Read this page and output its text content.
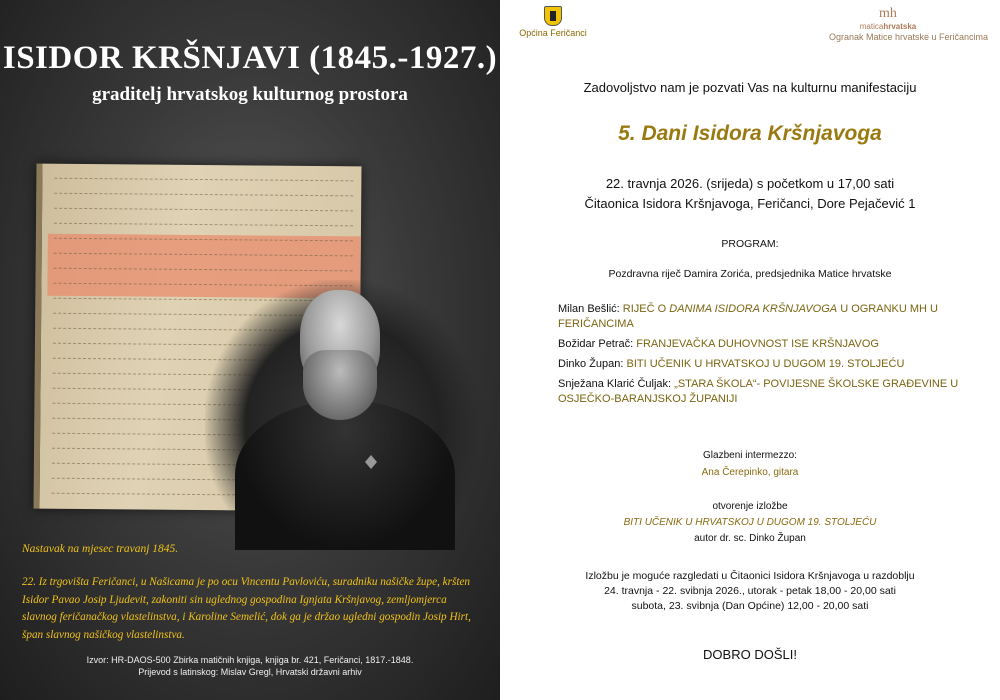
ISIDOR KRŠNJAVI (1845.-1927.)
graditelj hrvatskog kulturnog prostora
Nastavak na mjesec travanj 1845.
22. Iz trgovišta Feričanci, u Našicama je po ocu Vincentu Pavloviću, suradniku našičke župe, kršten Isidor Pavao Josip Ljudevit, zakoniti sin uglednog gospodina Ignjata Kršnjavog, zemljomjerca slavnog feričanačkog vlastelinstva, i Karoline Semelić, dok ga je držao ugledni gospodin Josip Hirt, špan slavnog našičkog vlastelinstva.
Izvor: HR-DAOS-500 Zbirka matičnih knjiga, knjiga br. 421, Feričanci, 1817.-1848.
Prijevod s latinskog: Mislav Gregl, Hrvatski državni arhiv
Općina Feričanci
mh
maticahrvatska
Ogranak Matice hrvatske u Feričancima
Zadovoljstvo nam je pozvati Vas na kulturnu manifestaciju
5. Dani Isidora Kršnjavoga
22. travnja 2026. (srijeda) s početkom u 17,00 sati
Čitaonica Isidora Kršnjavoga, Feričanci, Dore Pejačević 1
PROGRAM:
Pozdravna riječ Damira Zorića, predsjednika Matice hrvatske
Milan Bešlić: RIJEČ O DANIMA ISIDORA KRŠNJAVOGA U OGRANKU MH U FERIČANCIMA
Božidar Petrač: FRANJEVAČKA DUHOVNOST ISE KRŠNJAVOG
Dinko Župan: BITI UČENIK U HRVATSKOJ U DUGOM 19. STOLJEĆU
Snježana Klarić Čuljak: „STARA ŠKOLA“- POVIJESNE ŠKOLSKE GRAĐEVINE U OSJEČKO-BARANJSKOJ ŽUPANIJI
Glazbeni intermezzo:
Ana Čerepinko, gitara
otvorenje izložbe
BITI UČENIK U HRVATSKOJ U DUGOM 19. STOLJEĆU
autor dr. sc. Dinko Župan
Izložbu je moguće razgledati u Čitaonici Isidora Kršnjavoga u razdoblju
24. travnja - 22. svibnja 2026., utorak - petak 18,00 - 20,00 sati
subota, 23. svibnja (Dan Općine) 12,00 - 20,00 sati
DOBRO DOŠLI!
